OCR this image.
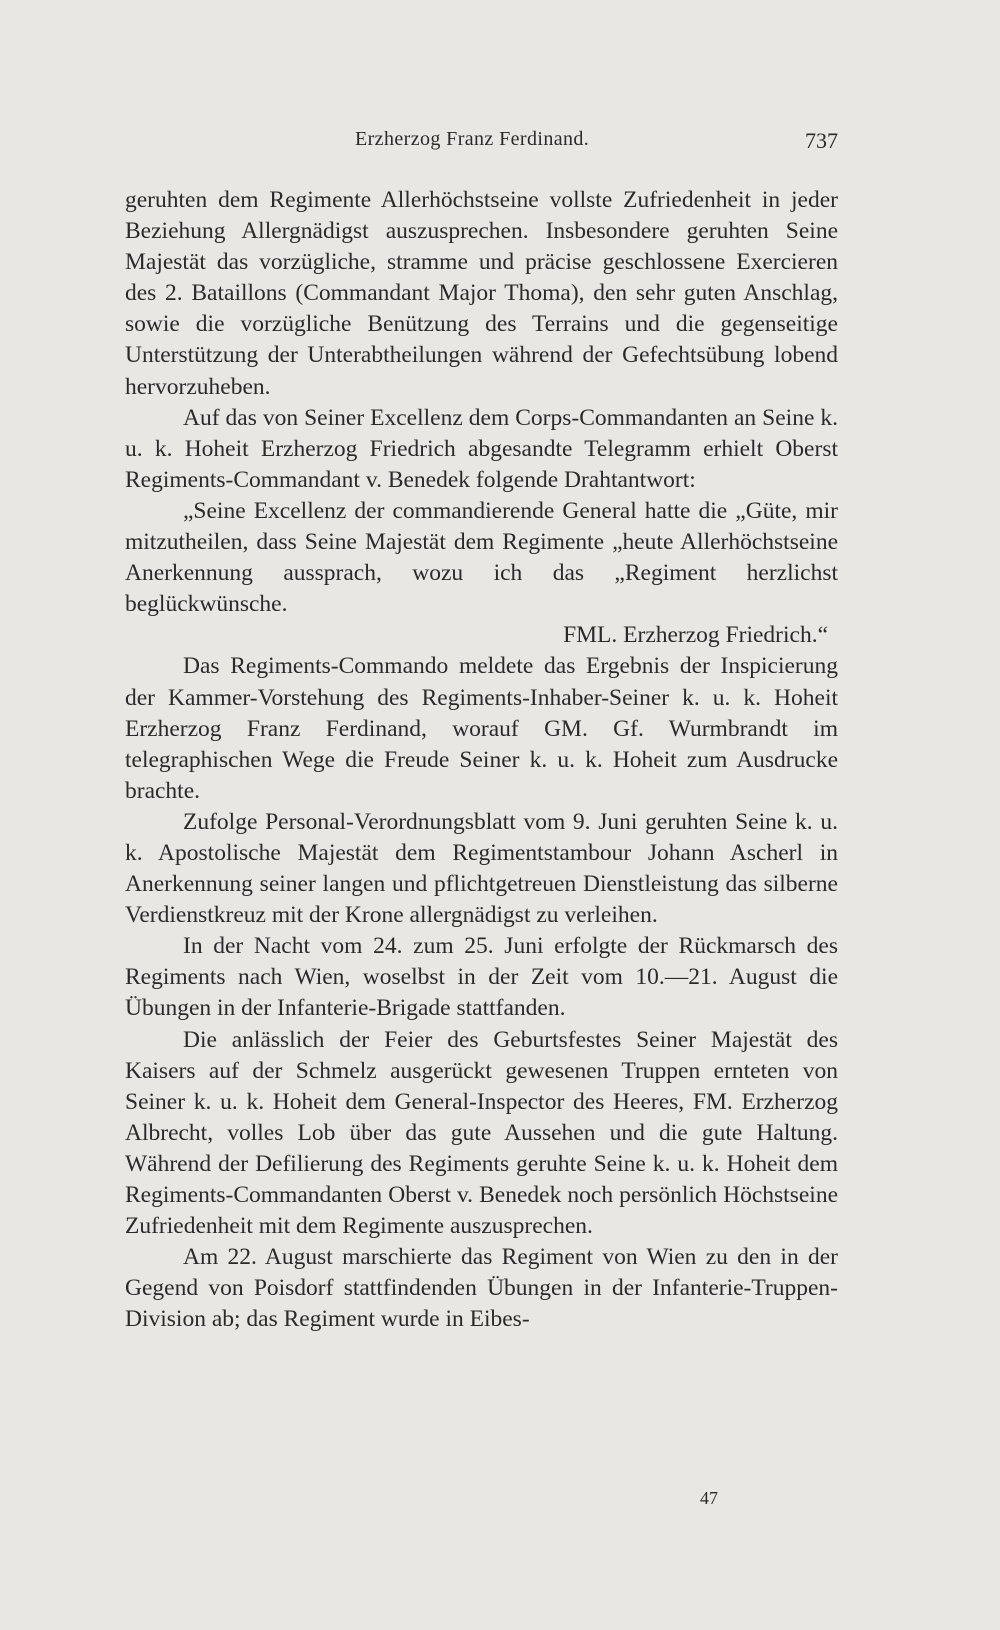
Erzherzog Franz Ferdinand.	737

geruhten dem Regimente Allerhöchstseine vollste Zufriedenheit in jeder Beziehung Allergnädigst auszusprechen. Insbesondere geruhten Seine Majestät das vorzügliche, stramme und präcise geschlossene Exercieren des 2. Bataillons (Commandant Major Thoma), den sehr guten Anschlag, sowie die vorzügliche Benützung des Terrains und die gegenseitige Unterstützung der Unterabtheilungen während der Gefechtsübung lobend hervorzuheben.

Auf das von Seiner Excellenz dem Corps-Commandanten an Seine k. u. k. Hoheit Erzherzog Friedrich abgesandte Telegramm erhielt Oberst Regiments-Commandant v. Benedek folgende Drahtantwort:

„Seine Excellenz der commandierende General hatte die „Güte, mir mitzutheilen, dass Seine Majestät dem Regimente „heute Allerhöchstseine Anerkennung aussprach, wozu ich das „Regiment herzlichst beglückwünsche.

FML. Erzherzog Friedrich.“

Das Regiments-Commando meldete das Ergebnis der Inspicierung der Kammer-Vorstehung des Regiments-Inhaber-Seiner k. u. k. Hoheit Erzherzog Franz Ferdinand, worauf GM. Gf. Wurmbrandt im telegraphischen Wege die Freude Seiner k. u. k. Hoheit zum Ausdrucke brachte.

Zufolge Personal-Verordnungsblatt vom 9. Juni geruhten Seine k. u. k. Apostolische Majestät dem Regimentstambour Johann Ascherl in Anerkennung seiner langen und pflichtgetreuen Dienstleistung das silberne Verdienstkreuz mit der Krone allergnädigst zu verleihen.

In der Nacht vom 24. zum 25. Juni erfolgte der Rückmarsch des Regiments nach Wien, woselbst in der Zeit vom 10.—21. August die Übungen in der Infanterie-Brigade stattfanden.

Die anlässlich der Feier des Geburtsfestes Seiner Majestät des Kaisers auf der Schmelz ausgerückt gewesenen Truppen ernteten von Seiner k. u. k. Hoheit dem General-Inspector des Heeres, FM. Erzherzog Albrecht, volles Lob über das gute Aussehen und die gute Haltung. Während der Defilierung des Regiments geruhte Seine k. u. k. Hoheit dem Regiments-Commandanten Oberst v. Benedek noch persönlich Höchstseine Zufriedenheit mit dem Regimente auszusprechen.

Am 22. August marschierte das Regiment von Wien zu den in der Gegend von Poisdorf stattfindenden Übungen in der Infanterie-Truppen-Division ab; das Regiment wurde in Eibes-

47
